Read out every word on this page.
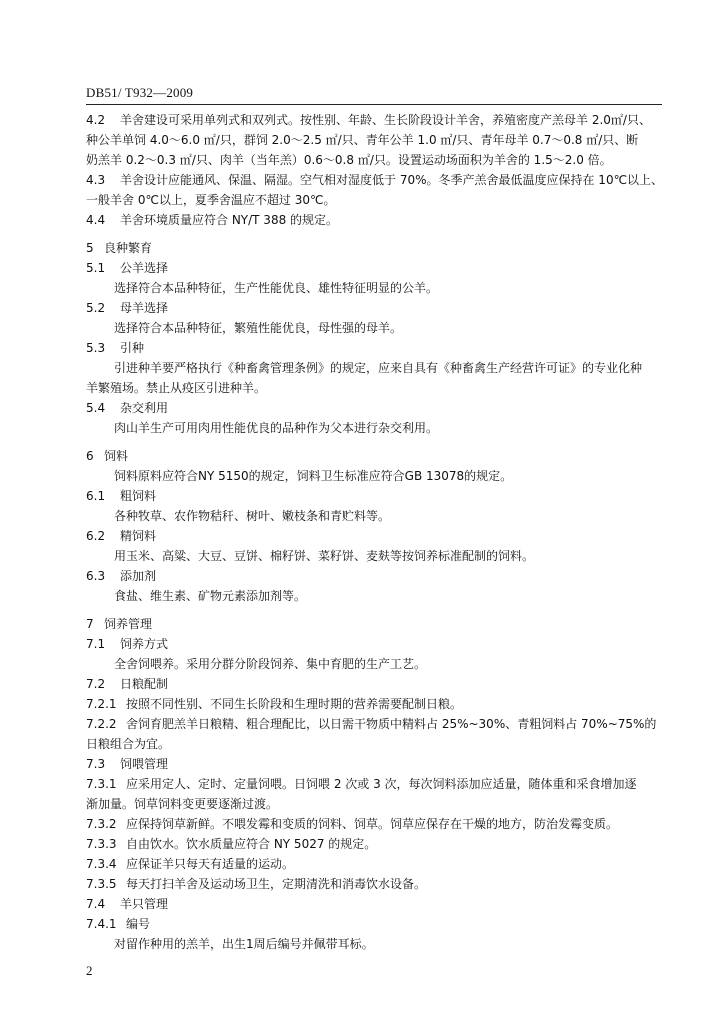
DB51/ T932—2009
4.2 羊舍建设可采用单列式和双列式。按性别、年龄、生长阶段设计羊舍，养殖密度产羔母羊 2.0㎡/只、
种公羊单饲 4.0～6.0 ㎡/只，群饲 2.0～2.5 ㎡/只、青年公羊 1.0 ㎡/只、青年母羊 0.7～0.8 ㎡/只、断
奶羔羊 0.2～0.3 ㎡/只、肉羊（当年羔）0.6～0.8 ㎡/只。设置运动场面积为羊舍的 1.5～2.0 倍。
4.3 羊舍设计应能通风、保温、隔湿。空气相对湿度低于 70%。冬季产羔舍最低温度应保持在 10℃以上、
一般羊舍 0℃以上，夏季舍温应不超过 30℃。
4.4 羊舍环境质量应符合 NY/T 388 的规定。
5 良种繁育
5.1 公羊选择
选择符合本品种特征，生产性能优良、雄性特征明显的公羊。
5.2 母羊选择
选择符合本品种特征，繁殖性能优良，母性强的母羊。
5.3 引种
引进种羊要严格执行《种畜禽管理条例》的规定，应来自具有《种畜禽生产经营许可证》的专业化种
羊繁殖场。禁止从疫区引进种羊。
5.4 杂交利用
肉山羊生产可用肉用性能优良的品种作为父本进行杂交利用。
6 饲料
饲料原料应符合NY 5150的规定，饲料卫生标准应符合GB 13078的规定。
6.1 粗饲料
各种牧草、农作物秸秆、树叶、嫩枝条和青贮料等。
6.2 精饲料
用玉米、高粱、大豆、豆饼、棉籽饼、菜籽饼、麦麸等按饲养标准配制的饲料。
6.3 添加剂
食盐、维生素、矿物元素添加剂等。
7 饲养管理
7.1 饲养方式
全舍饲喂养。采用分群分阶段饲养、集中育肥的生产工艺。
7.2 日粮配制
7.2.1 按照不同性别、不同生长阶段和生理时期的营养需要配制日粮。
7.2.2 舍饲育肥羔羊日粮精、粗合理配比，以日需干物质中精料占 25%~30%、青粗饲料占 70%~75%的
日粮组合为宜。
7.3 饲喂管理
7.3.1 应采用定人、定时、定量饲喂。日饲喂 2 次或 3 次，每次饲料添加应适量，随体重和采食增加逐
渐加量。饲草饲料变更要逐渐过渡。
7.3.2 应保持饲草新鲜。不喂发霉和变质的饲料、饲草。饲草应保存在干燥的地方，防治发霉变质。
7.3.3 自由饮水。饮水质量应符合 NY 5027 的规定。
7.3.4 应保证羊只每天有适量的运动。
7.3.5 每天打扫羊舍及运动场卫生，定期清洗和消毒饮水设备。
7.4 羊只管理
7.4.1 编号
对留作种用的羔羊，出生1周后编号并佩带耳标。
2
